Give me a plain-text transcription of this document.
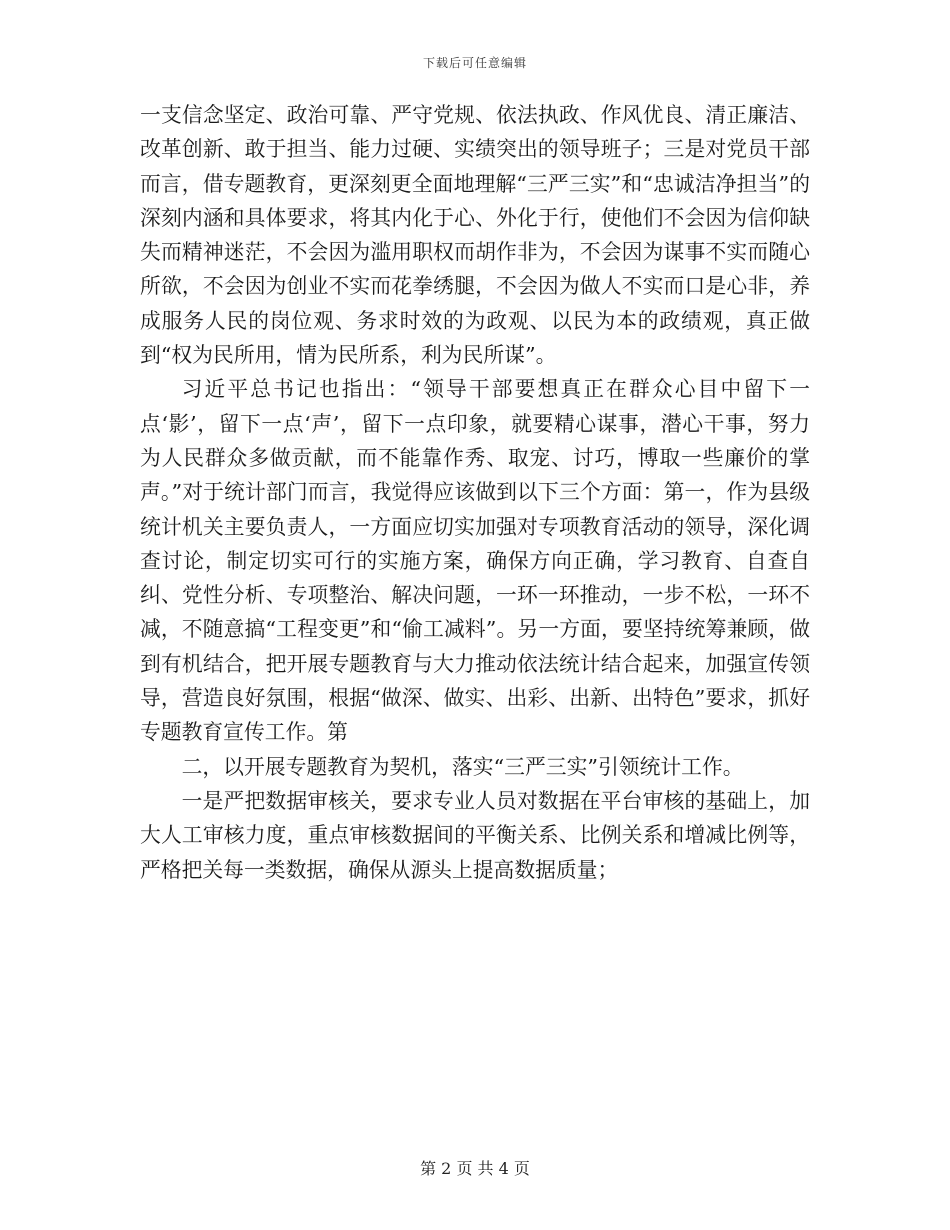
下载后可任意编辑

一支信念坚定、政治可靠、严守党规、依法执政、作风优良、清正廉洁、改革创新、敢于担当、能力过硬、实绩突出的领导班子；三是对党员干部而言，借专题教育，更深刻更全面地理解“三严三实”和“忠诚洁净担当”的深刻内涵和具体要求，将其内化于心、外化于行，使他们不会因为信仰缺失而精神迷茫，不会因为滥用职权而胡作非为，不会因为谋事不实而随心所欲，不会因为创业不实而花拳绣腿，不会因为做人不实而口是心非，养成服务人民的岗位观、务求时效的为政观、以民为本的政绩观，真正做到“权为民所用，情为民所系，利为民所谋”。

习近平总书记也指出：“领导干部要想真正在群众心目中留下一点‘影’，留下一点‘声’，留下一点印象，就要精心谋事，潜心干事，努力为人民群众多做贡献，而不能靠作秀、取宠、讨巧，博取一些廉价的掌声。”对于统计部门而言，我觉得应该做到以下三个方面：第一，作为县级统计机关主要负责人，一方面应切实加强对专项教育活动的领导，深化调查讨论，制定切实可行的实施方案，确保方向正确，学习教育、自查自纠、党性分析、专项整治、解决问题，一环一环推动，一步不松，一环不减，不随意搞“工程变更”和“偷工减料”。另一方面，要坚持统筹兼顾，做到有机结合，把开展专题教育与大力推动依法统计结合起来，加强宣传领导，营造良好氛围，根据“做深、做实、出彩、出新、出特色”要求，抓好专题教育宣传工作。第

二，以开展专题教育为契机，落实“三严三实”引领统计工作。

一是严把数据审核关，要求专业人员对数据在平台审核的基础上，加大人工审核力度，重点审核数据间的平衡关系、比例关系和增减比例等，严格把关每一类数据，确保从源头上提高数据质量；

第 2 页 共 4 页
